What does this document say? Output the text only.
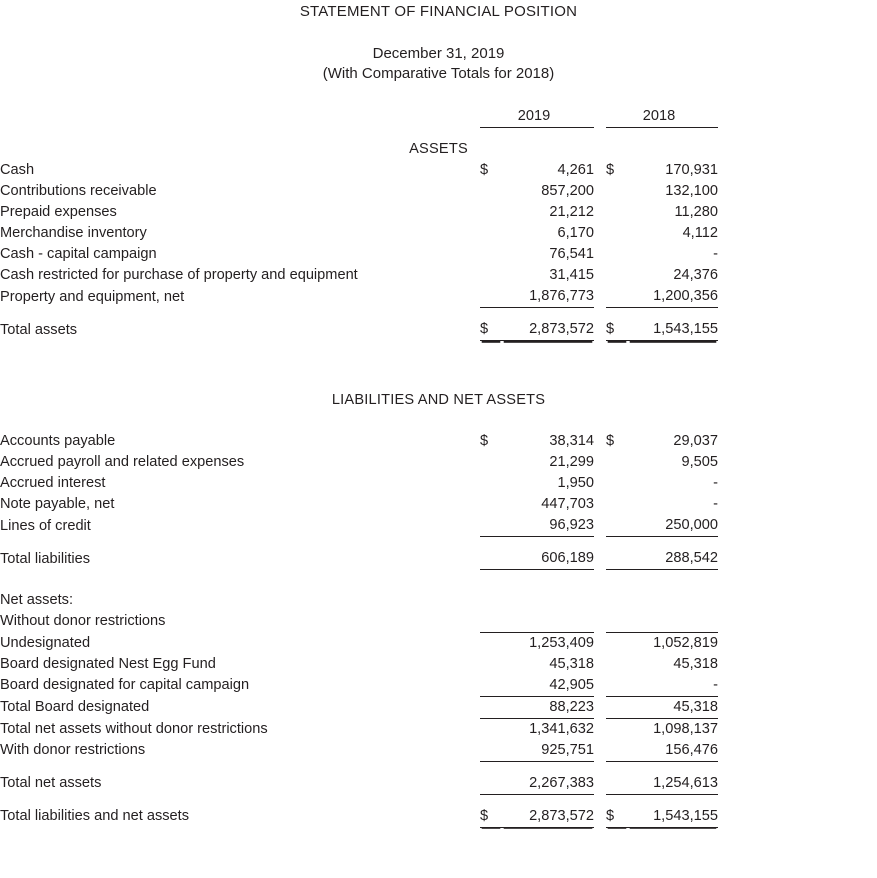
STATEMENT OF FINANCIAL POSITION
December 31, 2019
(With Comparative Totals for 2018)
		2019			2018		

ASSETS							
Cash		$	4,261		$	170,931	
Contributions receivable			857,200			132,100	
Prepaid expenses			21,212			11,280	
Merchandise inventory			6,170			4,112	
Cash - capital campaign			76,541			-	
Cash restricted for purchase of property and equipment			31,415			24,376	
Property and equipment, net			1,876,773			1,200,356	

Total assets		$	2,873,572		$	1,543,155	

LIABILITIES AND NET ASSETS							

Accounts payable		$	38,314		$	29,037	
Accrued payroll and related expenses			21,299			9,505	
Accrued interest			1,950			-	
Note payable, net			447,703			-	
Lines of credit			96,923			250,000	

Total liabilities			606,189			288,542	

Net assets:							
Without donor restrictions							
Undesignated			1,253,409			1,052,819	
Board designated Nest Egg Fund			45,318			45,318	
Board designated for capital campaign			42,905			-	
Total Board designated			88,223			45,318	
Total net assets without donor restrictions			1,341,632			1,098,137	
With donor restrictions			925,751			156,476	

Total net assets			2,267,383			1,254,613	

Total liabilities and net assets		$	2,873,572		$	1,543,155	
